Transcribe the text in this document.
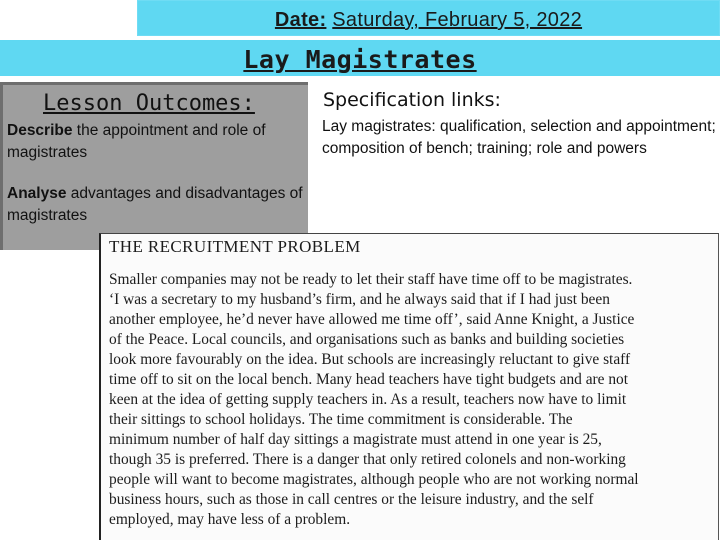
Date: Saturday, February 5, 2022
Lay Magistrates
Lesson Outcomes:

Describe the appointment and role of magistrates

Analyse advantages and disadvantages of magistrates

Specification links:

Lay magistrates: qualification, selection and appointment; composition of bench; training; role and powers

THE RECRUITMENT PROBLEM
Smaller companies may not be ready to let their staff have time off to be magistrates.
‘I was a secretary to my husband’s firm, and he always said that if I had just been
another employee, he’d never have allowed me time off’, said Anne Knight, a Justice
of the Peace. Local councils, and organisations such as banks and building societies
look more favourably on the idea. But schools are increasingly reluctant to give staff
time off to sit on the local bench. Many head teachers have tight budgets and are not
keen at the idea of getting supply teachers in. As a result, teachers now have to limit
their sittings to school holidays. The time commitment is considerable. The
minimum number of half day sittings a magistrate must attend in one year is 25,
though 35 is preferred. There is a danger that only retired colonels and non-working
people will want to become magistrates, although people who are not working normal
business hours, such as those in call centres or the leisure industry, and the self
employed, may have less of a problem.
